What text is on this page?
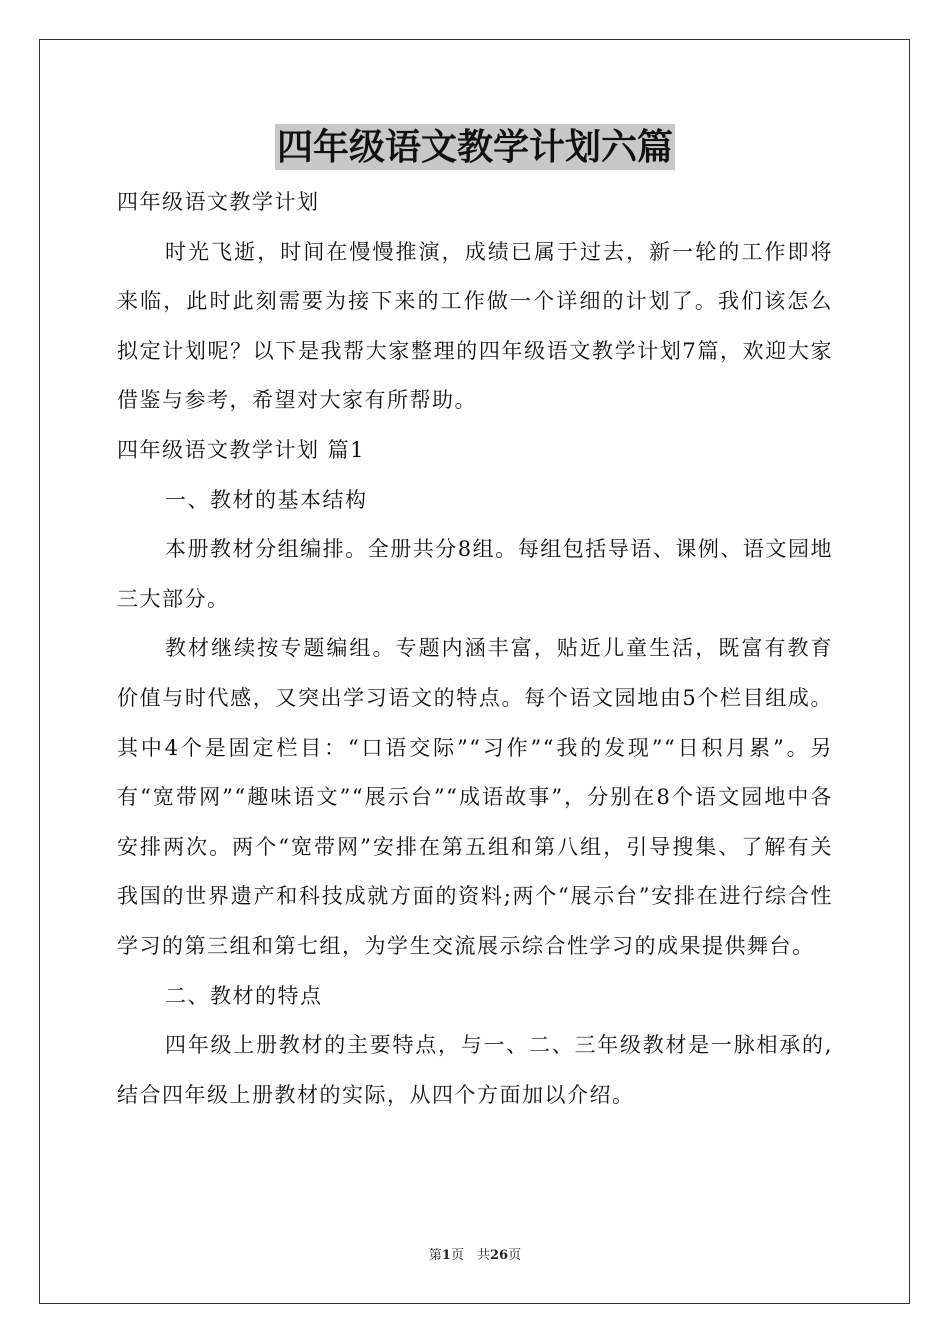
四年级语文教学计划六篇

四年级语文教学计划

时光飞逝，时间在慢慢推演，成绩已属于过去，新一轮的工作即将来临，此时此刻需要为接下来的工作做一个详细的计划了。我们该怎么拟定计划呢？以下是我帮大家整理的四年级语文教学计划7篇，欢迎大家借鉴与参考，希望对大家有所帮助。

四年级语文教学计划 篇1

一、教材的基本结构

本册教材分组编排。全册共分8组。每组包括导语、课例、语文园地三大部分。

教材继续按专题编组。专题内涵丰富，贴近儿童生活，既富有教育价值与时代感，又突出学习语文的特点。每个语文园地由5个栏目组成。其中4个是固定栏目：“口语交际”“习作”“我的发现”“日积月累”。另有“宽带网”“趣味语文”“展示台”“成语故事”，分别在8个语文园地中各安排两次。两个“宽带网”安排在第五组和第八组，引导搜集、了解有关我国的世界遗产和科技成就方面的资料;两个“展示台”安排在进行综合性学习的第三组和第七组，为学生交流展示综合性学习的成果提供舞台。

二、教材的特点

四年级上册教材的主要特点，与一、二、三年级教材是一脉相承的,结合四年级上册教材的实际，从四个方面加以介绍。

第1页　共26页
